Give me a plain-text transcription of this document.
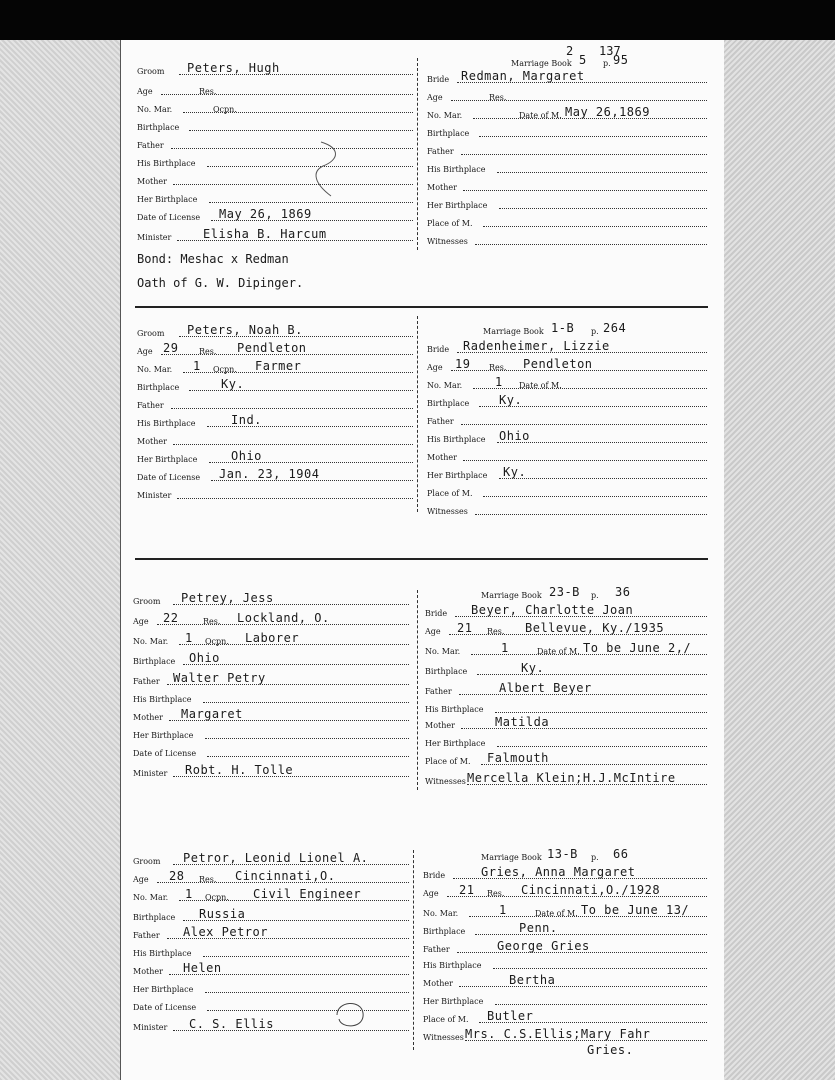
2 137
Groom Peters, Hugh
Age	Res.
No. Mar.	Ocpn.
Birthplace
Father
His Birthplace
Mother
Her Birthplace
Date of License May 26, 1869
Minister	Elisha B. Harcum
Marriage Book 5 p. 95
Bride Redman, Margaret
Age	Res.
No. Mar.	Date of M. May 26,1869
Birthplace
Father
His Birthplace
Mother
Her Birthplace
Place of M.
Witnesses
Bond: Meshac x Redman
Oath of G. W. Dipinger.
Groom Peters, Noah B.
Age 29	Res. Pendleton
No. Mar. 1 Ocpn. Farmer
Birthplace	Ky.
Father
His Birthplace	Ind.
Mother
Her Birthplace	Ohio
Date of License Jan. 23, 1904
Minister
Marriage Book 1-B p. 264
Bride Radenheimer, Lizzie
Age 19 Res. Pendleton
No. Mar.	1 Date of M.
Birthplace Ky.
Father
His Birthplace Ohio
Mother
Her Birthplace Ky.
Place of M.
Witnesses
Groom Petrey, Jess
Age 22	Res. Lockland, O.
No. Mar. 1 Ocpn. Laborer
Birthplace Ohio
Father Walter Petry
His Birthplace
Mother Margaret
Her Birthplace
Date of License
Minister Robt. H. Tolle
Marriage Book 23-B p. 36
Bride Beyer, Charlotte Joan
Age 21 Res. Bellevue, Ky./1935
No. Mar.	1	Date of M. To be June 2,/
Birthplace	Ky.
Father	Albert Beyer
His Birthplace
Mother	Matilda
Her Birthplace
Place of M. Falmouth
Witnesses Mercella Klein;H.J.McIntire
Groom Petror, Leonid Lionel A.
Age 28 Res. Cincinnati,O.
No. Mar. 1 Ocpn. Civil Engineer
Birthplace Russia
Father Alex Petror
His Birthplace
Mother Helen
Her Birthplace
Date of License
Minister C. S. Ellis
Marriage Book 13-B p. 66
Bride	Gries, Anna Margaret
Age 21 Res. Cincinnati,O./1928
No. Mar.	1	Date of M. To be June 13/
Birthplace	Penn.
Father	George Gries
His Birthplace
Mother	Bertha
Her Birthplace
Place of M. Butler
Witnesses Mrs. C.S.Ellis;Mary Fahr
Gries.
